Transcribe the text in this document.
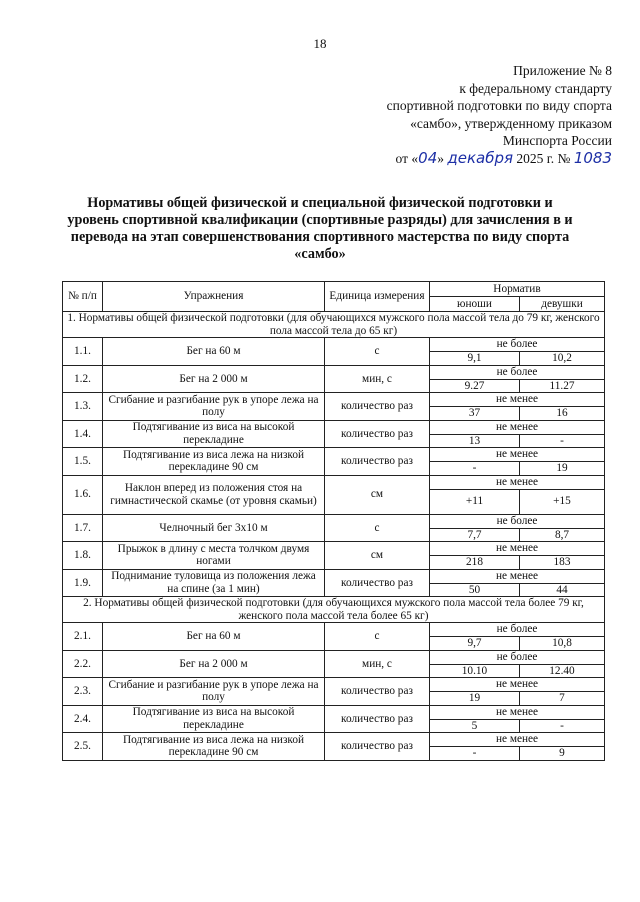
18
Приложение № 8
к федеральному стандарту
спортивной подготовки по виду спорта
«самбо», утвержденному приказом
Минспорта России
от «04» декабря 2025 г. № 1083
Нормативы общей физической и специальной физической подготовки и уровень спортивной квалификации (спортивные разряды) для зачисления в и перевода на этап совершенствования спортивного мастерства по виду спорта «самбо»
№ п/п	Упражнения	Единица измерения	Норматив	
			юноши	девушки
1. Нормативы общей физической подготовки (для обучающихся мужского пола массой тела до 79 кг, женского пола массой тела до 65 кг)				
1.1.	Бег на 60 м	с	не более	
			9,1	10,2
1.2.	Бег на 2 000 м	мин, с	не более	
			9.27	11.27
1.3.	Сгибание и разгибание рук в упоре лежа на полу	количество раз	не менее	
			37	16
1.4.	Подтягивание из виса на высокой перекладине	количество раз	не менее	
			13	-
1.5.	Подтягивание из виса лежа на низкой перекладине 90 см	количество раз	не менее	
			-	19
1.6.	Наклон вперед из положения стоя на гимнастической скамье (от уровня скамьи)	см	не менее	
			+11	+15
1.7.	Челночный бег 3х10 м	с	не более	
			7,7	8,7
1.8.	Прыжок в длину с места толчком двумя ногами	см	не менее	
			218	183
1.9.	Поднимание туловища из положения лежа на спине (за 1 мин)	количество раз	не менее	
			50	44
2. Нормативы общей физической подготовки (для обучающихся мужского пола массой тела более 79 кг, женского пола массой тела более 65 кг)				
2.1.	Бег на 60 м	с	не более	
			9,7	10,8
2.2.	Бег на 2 000 м	мин, с	не более	
			10.10	12.40
2.3.	Сгибание и разгибание рук в упоре лежа на полу	количество раз	не менее	
			19	7
2.4.	Подтягивание из виса на высокой перекладине	количество раз	не менее	
			5	-
2.5.	Подтягивание из виса лежа на низкой перекладине 90 см	количество раз	не менее	
			-	9
